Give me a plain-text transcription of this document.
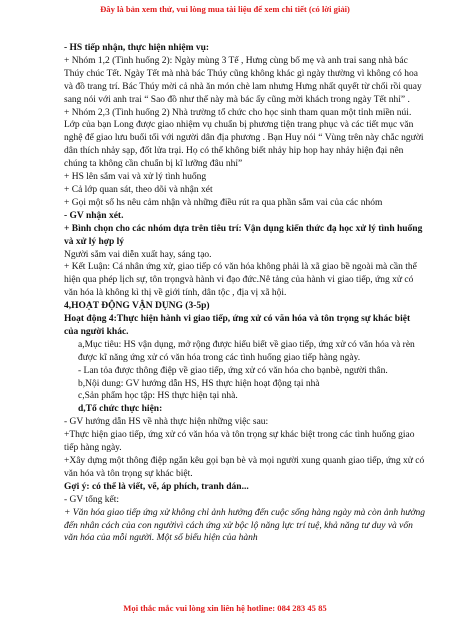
Đây là bản xem thử, vui lòng mua tài liệu để xem chi tiết (có lời giải)

- HS tiếp nhận, thực hiện nhiệm vụ:

+ Nhóm 1,2 (Tình huống 2): Ngày mùng 3 Tế , Hưng cùng bố mẹ và anh trai sang nhà bác Thúy chúc Tết. Ngày Tết mà nhà bác Thúy cũng không khác gì ngày thường vì không có hoa và đồ trang trí. Bác Thúy mời cả nhà ăn món chè lam nhưng Hưng nhất quyết từ chối rồi quay sang nói với anh trai “ Sao đồ như thế này mà bác ấy cũng mời khách trong ngày Tết nhỉ” .

+ Nhóm 2,3 (Tình huống 2) Nhà trường tổ chức cho học sinh tham quan một tỉnh miền núi. Lớp của bạn Long được giao nhiệm vụ chuẩn bị phương tiện trang phục và các tiết mục văn nghệ để giao lưu buổi tối với người dân địa phương . Bạn Huy nói “ Vùng trên này chắc người dân thích nhảy sạp, đốt lửa trại. Họ có thể không biết nhảy hip hop hay nhảy hiện đại nên chúng ta không cần chuẩn bị kĩ lưỡng đâu nhỉ”

+ HS lên sắm vai và xử lý tình huống

+ Cả lớp quan sát, theo dõi và nhận xét

+ Gọi một số hs nêu cảm nhận và những điều rút ra qua phần sắm vai của các nhóm

- GV nhận xét.

+ Bình chọn cho các nhóm dựa trên tiêu trí: Vận dụng kiến thức đạ học xử lý tình huống và xử lý hợp lý

Người sắm vai diễn xuất hay, sáng tạo.

+ Kết Luận: Cá nhân ứng xử, giao tiếp có văn hóa không phải là xã giao bề ngoài mà cần thể hiện qua phép lịch sự, tôn trọngvà hành vi đạo đức.Nê tảng của hành vi giao tiếp, ứng xử có văn hóa là không kì thị về giới tính, dân tộc , địa vị xã hội.

4,HOẠT ĐỘNG VẬN DỤNG (3-5p)

Hoạt động 4:Thực hiện hành vi giao tiếp, ứng xử có văn hóa và tôn trọng sự khác biệt của người khác.

a,Mục tiêu: HS vận dụng, mở rộng được hiểu biết về giao tiếp, ứng xử có văn hóa và rèn được kĩ năng ứng xử có văn hóa trong các tình huống giao tiếp hàng ngày.

- Lan tỏa được thông điệp về giao tiếp, ứng xử có văn hóa cho bạnbè, người thân.

b,Nội dung: GV hướng dẫn HS, HS thực hiện hoạt động tại nhà

c,Sản phẩm học tập: HS thực hiện tại nhà.

d,Tổ chức thực hiện:

- GV hướng dẫn HS về nhà thực hiện những việc sau:

+Thực hiện giao tiếp, ứng xử có văn hóa và tôn trọng sự khác biệt trong các tình huống giao tiếp hàng ngày.

+Xây dựng một thông điệp ngắn kêu gọi bạn bè và mọi người xung quanh giao tiếp, ứng xử có văn hóa và tôn trọng sự khác biệt.

Gợi ý: có thể là viết, vẽ, áp phích, tranh dán...

- GV tổng kết:

+ Văn hóa giao tiếp ứng xử không chỉ ảnh hưởng đến cuộc sống hàng ngày mà còn ảnh hưởng đến nhân cách của con ngườivì cách ứng xử bộc lộ năng lực trí tuệ, khả năng tư duy và vốn văn hóa của mỗi người. Một số biểu hiện của hành

Mọi thắc mắc vui lòng xin liên hệ hotline: 084 283 45 85
